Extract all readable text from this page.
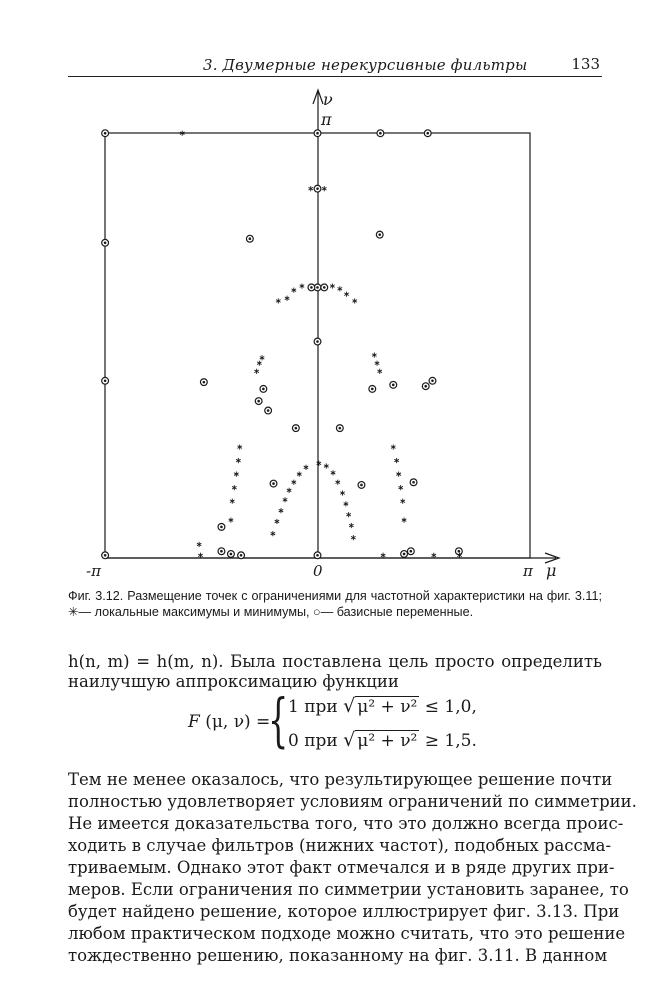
3. Двумерные нерекурсивные фильтры	133
ν
π
-π	0	π μ
Фиг. 3.12. Размещение точек с ограничениями для частотной характеристики на фиг. 3.11; ✳— локальные максимумы и минимумы, ○— базисные переменные.
h(n, m) = h(m, n). Была поставлена цель просто определить
наилучшую аппроксимацию функции
F (μ, ν) =
{ 1 при √ μ² + ν² ≤ 1,0,
0 при √ μ² + ν² ≥ 1,5.
Тем не менее оказалось, что результирующее решение почти
полностью удовлетворяет условиям ограничений по симметрии.
Не имеется доказательства того, что это должно всегда проис-
ходить в случае фильтров (нижних частот), подобных рассма-
триваемым. Однако этот факт отмечался и в ряде других при-
меров. Если ограничения по симметрии установить заранее, то
будет найдено решение, которое иллюстрирует фиг. 3.13. При
любом практическом подходе можно считать, что это решение
тождественно решению, показанному на фиг. 3.11. В данном
